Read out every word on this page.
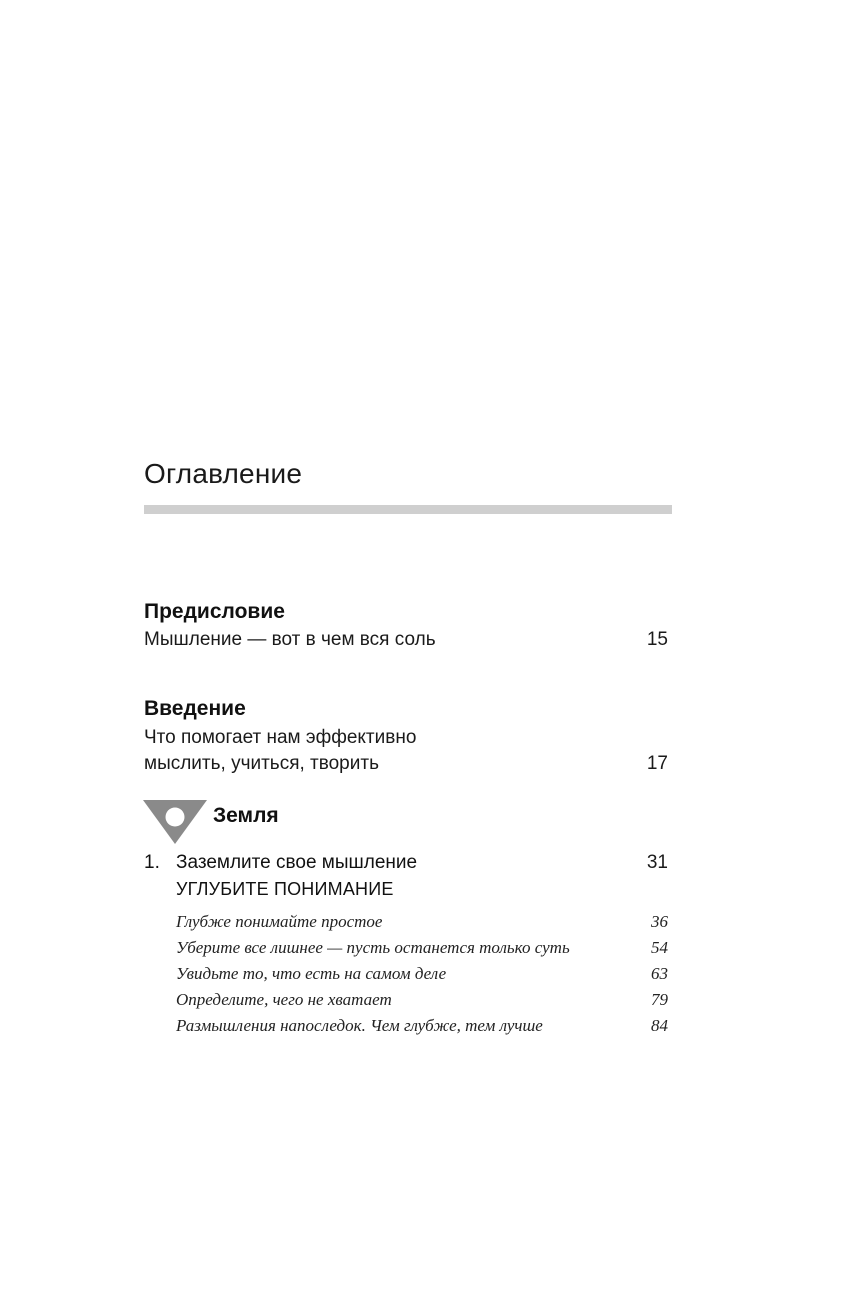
Оглавление
Предисловие
Мышление — вот в чем вся соль	15
Введение
Что помогает нам эффективно
мыслить, учиться, творить	17
Земля
1. Заземлите свое мышление	31
УГЛУБИТЕ ПОНИМАНИЕ
Глубже понимайте простое	36
Уберите все лишнее — пусть останется только суть	54
Увидьте то, что есть на самом деле	63
Определите, чего не хватает	79
Размышления напоследок. Чем глубже, тем лучше	84
